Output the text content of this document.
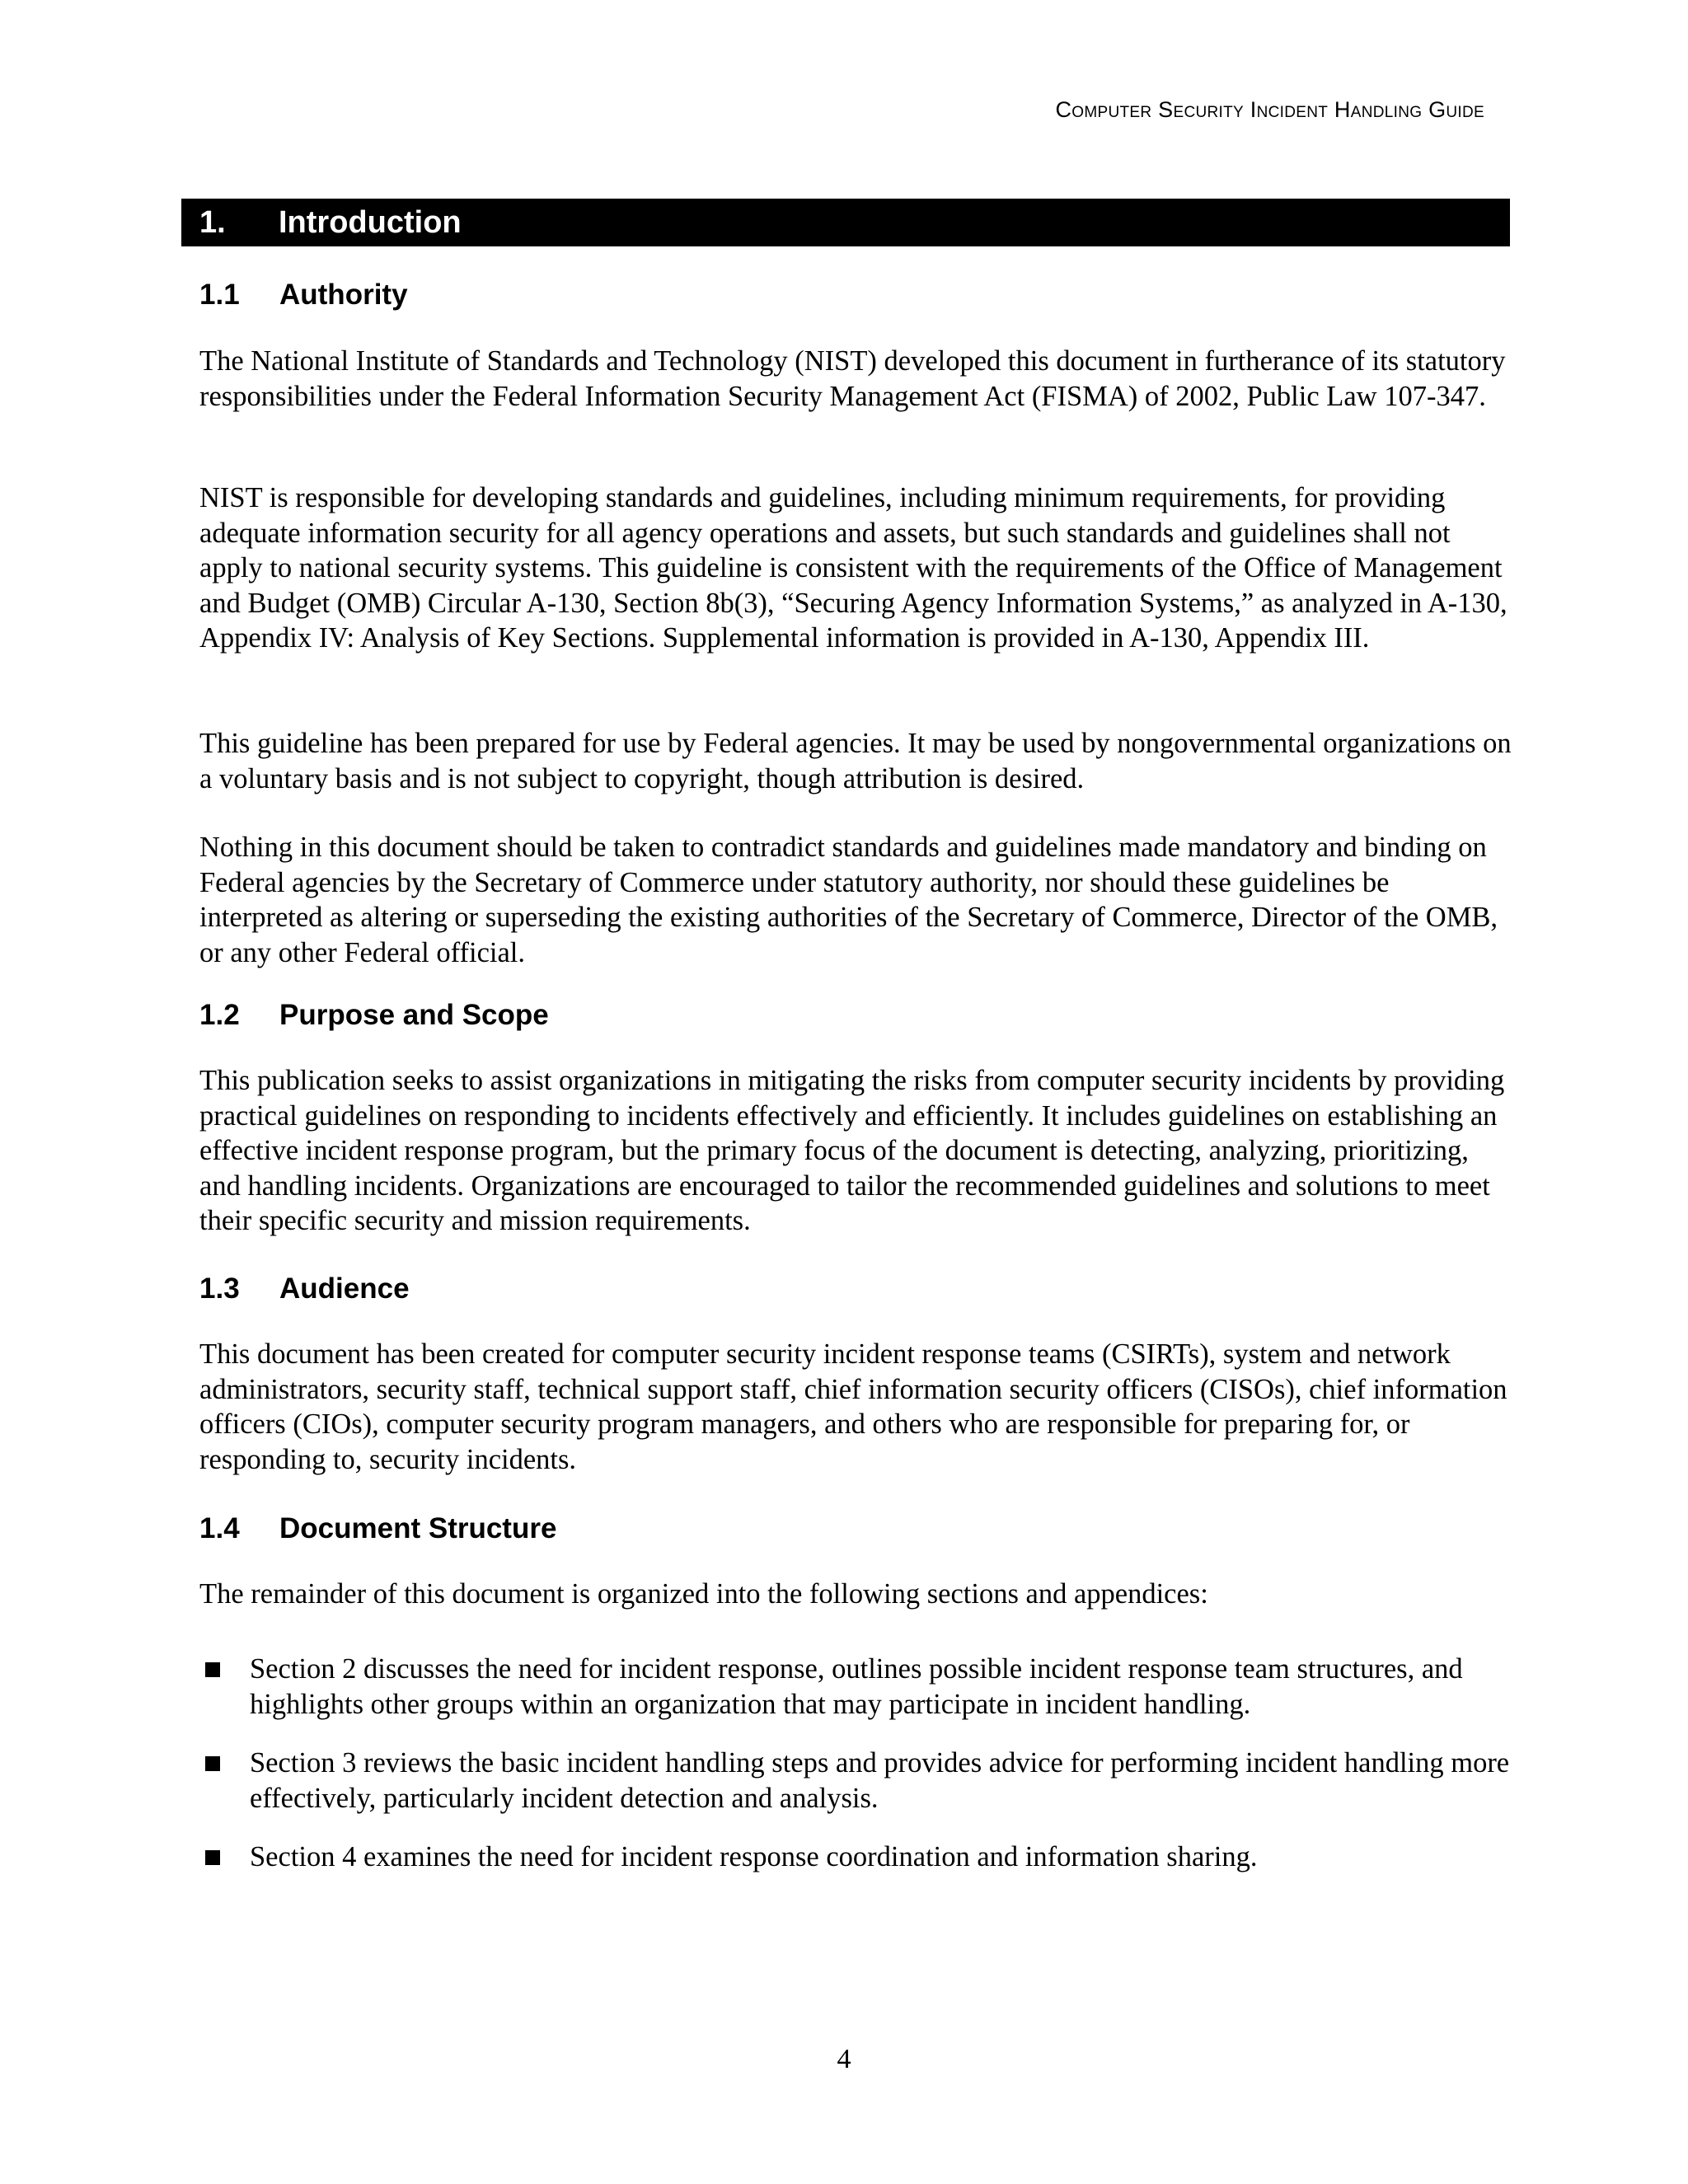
Computer Security Incident Handling Guide
1. Introduction
1.1 Authority

The National Institute of Standards and Technology (NIST) developed this document in furtherance of its statutory responsibilities under the Federal Information Security Management Act (FISMA) of 2002, Public Law 107-347.

NIST is responsible for developing standards and guidelines, including minimum requirements, for providing adequate information security for all agency operations and assets, but such standards and guidelines shall not apply to national security systems. This guideline is consistent with the requirements of the Office of Management and Budget (OMB) Circular A-130, Section 8b(3), “Securing Agency Information Systems,” as analyzed in A-130, Appendix IV: Analysis of Key Sections. Supplemental information is provided in A-130, Appendix III.

This guideline has been prepared for use by Federal agencies. It may be used by nongovernmental organizations on a voluntary basis and is not subject to copyright, though attribution is desired.

Nothing in this document should be taken to contradict standards and guidelines made mandatory and binding on Federal agencies by the Secretary of Commerce under statutory authority, nor should these guidelines be interpreted as altering or superseding the existing authorities of the Secretary of Commerce, Director of the OMB, or any other Federal official.

1.2 Purpose and Scope

This publication seeks to assist organizations in mitigating the risks from computer security incidents by providing practical guidelines on responding to incidents effectively and efficiently. It includes guidelines on establishing an effective incident response program, but the primary focus of the document is detecting, analyzing, prioritizing, and handling incidents. Organizations are encouraged to tailor the recommended guidelines and solutions to meet their specific security and mission requirements.

1.3 Audience

This document has been created for computer security incident response teams (CSIRTs), system and network administrators, security staff, technical support staff, chief information security officers (CISOs), chief information officers (CIOs), computer security program managers, and others who are responsible for preparing for, or responding to, security incidents.

1.4 Document Structure

The remainder of this document is organized into the following sections and appendices:

Section 2 discusses the need for incident response, outlines possible incident response team structures, and highlights other groups within an organization that may participate in incident handling.
Section 3 reviews the basic incident handling steps and provides advice for performing incident handling more effectively, particularly incident detection and analysis.
Section 4 examines the need for incident response coordination and information sharing.
4
